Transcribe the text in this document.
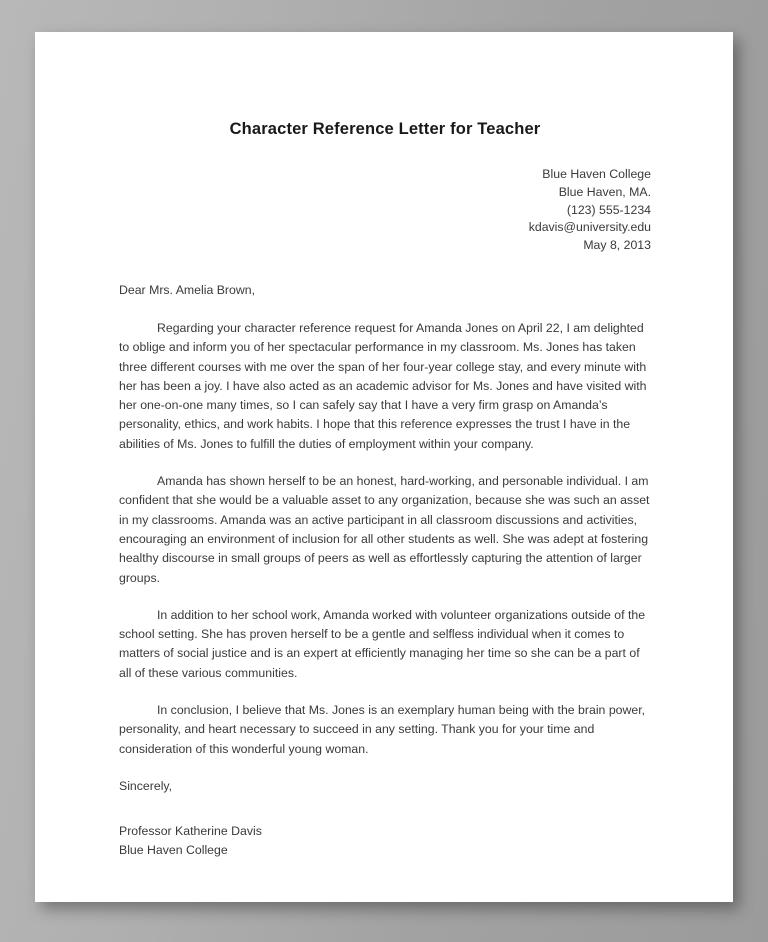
Character Reference Letter for Teacher
Blue Haven College
Blue Haven, MA.
(123) 555-1234
kdavis@university.edu
May 8, 2013
Dear Mrs. Amelia Brown,

Regarding your character reference request for Amanda Jones on April 22, I am delighted to oblige and inform you of her spectacular performance in my classroom. Ms. Jones has taken three different courses with me over the span of her four-year college stay, and every minute with her has been a joy. I have also acted as an academic advisor for Ms. Jones and have visited with her one-on-one many times, so I can safely say that I have a very firm grasp on Amanda’s personality, ethics, and work habits. I hope that this reference expresses the trust I have in the abilities of Ms. Jones to fulfill the duties of employment within your company.

Amanda has shown herself to be an honest, hard-working, and personable individual. I am confident that she would be a valuable asset to any organization, because she was such an asset in my classrooms. Amanda was an active participant in all classroom discussions and activities, encouraging an environment of inclusion for all other students as well. She was adept at fostering healthy discourse in small groups of peers as well as effortlessly capturing the attention of larger groups.

In addition to her school work, Amanda worked with volunteer organizations outside of the school setting. She has proven herself to be a gentle and selfless individual when it comes to matters of social justice and is an expert at efficiently managing her time so she can be a part of all of these various communities.

In conclusion, I believe that Ms. Jones is an exemplary human being with the brain power, personality, and heart necessary to succeed in any setting. Thank you for your time and consideration of this wonderful young woman.

Sincerely,
Professor Katherine Davis
Blue Haven College
